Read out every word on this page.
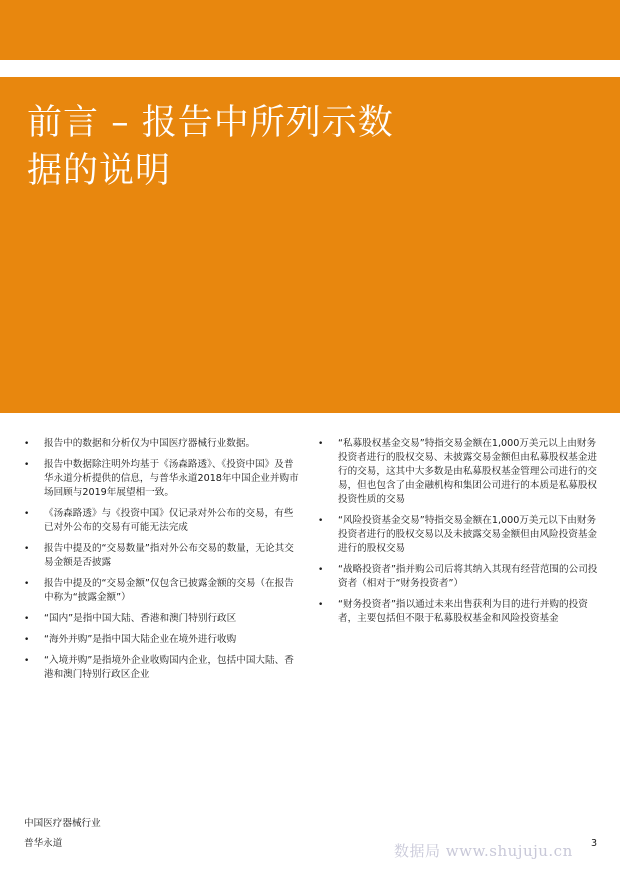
前言 – 报告中所列示数
据的说明
• 报告中的数据和分析仅为中国医疗器械行业数据。
• 报告中数据除注明外均基于《汤森路透》、《投资中国》及普华永道分析提供的信息，与普华永道2018年中国企业并购市场回顾与2019年展望相一致。
• 《汤森路透》与《投资中国》仅记录对外公布的交易，有些已对外公布的交易有可能无法完成
• 报告中提及的“交易数量”指对外公布交易的数量，无论其交易金额是否披露
• 报告中提及的“交易金额”仅包含已披露金额的交易（在报告中称为“披露金额”）
• “国内”是指中国大陆、香港和澳门特别行政区
• “海外并购”是指中国大陆企业在境外进行收购
• “入境并购”是指境外企业收购国内企业，包括中国大陆、香港和澳门特别行政区企业
• “私募股权基金交易”特指交易金额在1,000万美元以上由财务投资者进行的股权交易、未披露交易金额但由私募股权基金进行的交易，这其中大多数是由私募股权基金管理公司进行的交易，但也包含了由金融机构和集团公司进行的本质是私募股权投资性质的交易
• “风险投资基金交易”特指交易金额在1,000万美元以下由财务投资者进行的股权交易以及未披露交易金额但由风险投资基金进行的股权交易
• “战略投资者”指并购公司后将其纳入其现有经营范围的公司投资者（相对于“财务投资者”）
• “财务投资者”指以通过未来出售获利为目的进行并购的投资者，主要包括但不限于私募股权基金和风险投资基金
中国医疗器械行业
普华永道	数据局 www.shujuju.cn 3
